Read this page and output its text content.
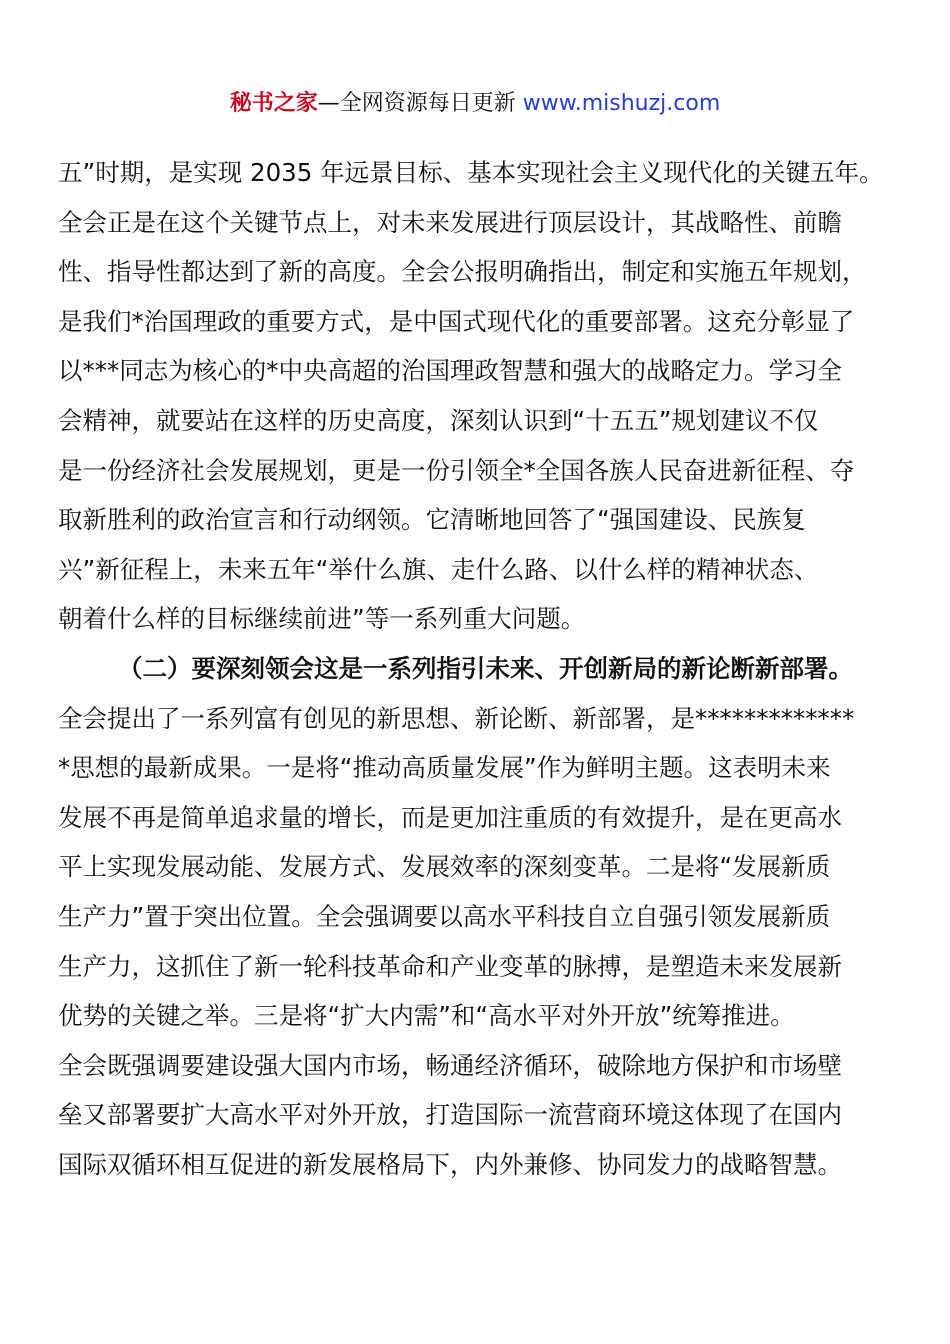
秘书之家—全网资源每日更新 www.mishuzj.com
五”时期，是实现 2035 年远景目标、基本实现社会主义现代化的关键五年。
全会正是在这个关键节点上，对未来发展进行顶层设计，其战略性、前瞻
性、指导性都达到了新的高度。全会公报明确指出，制定和实施五年规划，
是我们*治国理政的重要方式，是中国式现代化的重要部署。这充分彰显了
以***同志为核心的*中央高超的治国理政智慧和强大的战略定力。学习全
会精神，就要站在这样的历史高度，深刻认识到“十五五”规划建议不仅
是一份经济社会发展规划，更是一份引领全*全国各族人民奋进新征程、夺
取新胜利的政治宣言和行动纲领。它清晰地回答了“强国建设、民族复
兴”新征程上，未来五年“举什么旗、走什么路、以什么样的精神状态、
朝着什么样的目标继续前进”等一系列重大问题。
（二）要深刻领会这是一系列指引未来、开创新局的新论断新部署。
全会提出了一系列富有创见的新思想、新论断、新部署，是*************
*思想的最新成果。一是将“推动高质量发展”作为鲜明主题。这表明未来
发展不再是简单追求量的增长，而是更加注重质的有效提升，是在更高水
平上实现发展动能、发展方式、发展效率的深刻变革。二是将“发展新质
生产力”置于突出位置。全会强调要以高水平科技自立自强引领发展新质
生产力，这抓住了新一轮科技革命和产业变革的脉搏，是塑造未来发展新
优势的关键之举。三是将“扩大内需”和“高水平对外开放”统筹推进。
全会既强调要建设强大国内市场，畅通经济循环，破除地方保护和市场壁
垒又部署要扩大高水平对外开放，打造国际一流营商环境这体现了在国内
国际双循环相互促进的新发展格局下，内外兼修、协同发力的战略智慧。
